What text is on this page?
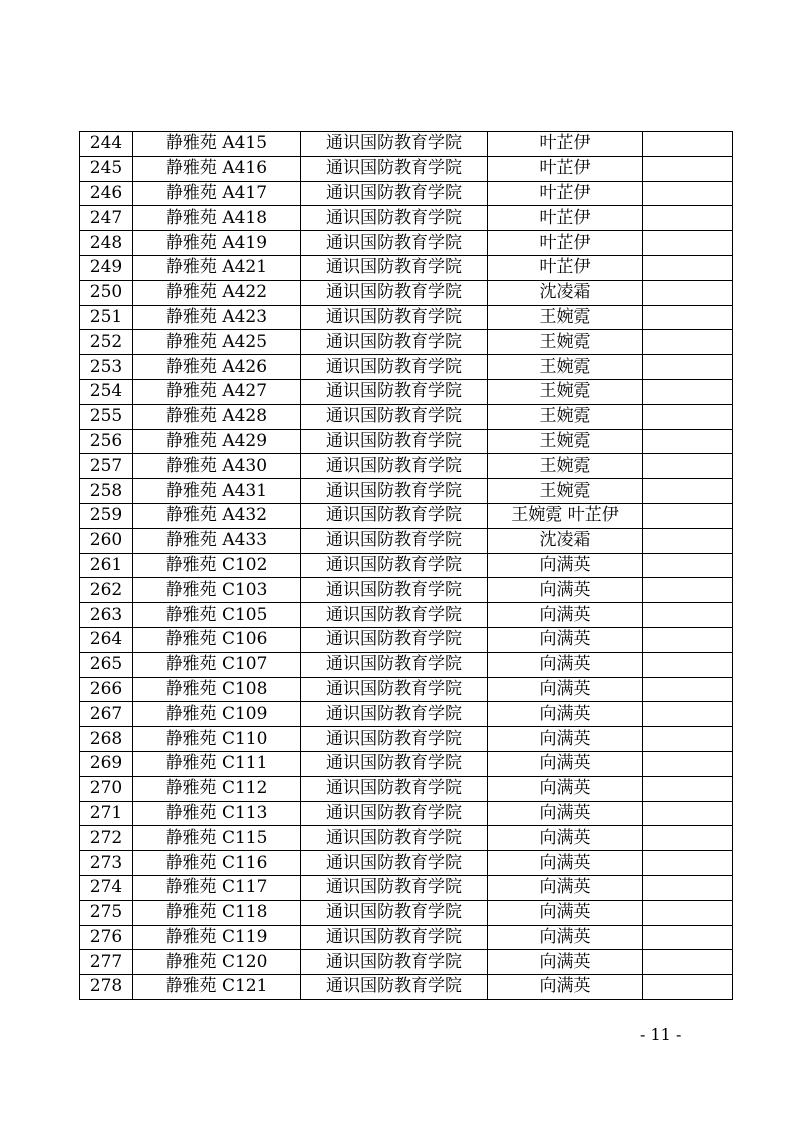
244	静雅苑 A415	通识国防教育学院	叶芷伊	
245	静雅苑 A416	通识国防教育学院	叶芷伊	
246	静雅苑 A417	通识国防教育学院	叶芷伊	
247	静雅苑 A418	通识国防教育学院	叶芷伊	
248	静雅苑 A419	通识国防教育学院	叶芷伊	
249	静雅苑 A421	通识国防教育学院	叶芷伊	
250	静雅苑 A422	通识国防教育学院	沈凌霜	
251	静雅苑 A423	通识国防教育学院	王婉霓	
252	静雅苑 A425	通识国防教育学院	王婉霓	
253	静雅苑 A426	通识国防教育学院	王婉霓	
254	静雅苑 A427	通识国防教育学院	王婉霓	
255	静雅苑 A428	通识国防教育学院	王婉霓	
256	静雅苑 A429	通识国防教育学院	王婉霓	
257	静雅苑 A430	通识国防教育学院	王婉霓	
258	静雅苑 A431	通识国防教育学院	王婉霓	
259	静雅苑 A432	通识国防教育学院	王婉霓 叶芷伊	
260	静雅苑 A433	通识国防教育学院	沈凌霜	
261	静雅苑 C102	通识国防教育学院	向满英	
262	静雅苑 C103	通识国防教育学院	向满英	
263	静雅苑 C105	通识国防教育学院	向满英	
264	静雅苑 C106	通识国防教育学院	向满英	
265	静雅苑 C107	通识国防教育学院	向满英	
266	静雅苑 C108	通识国防教育学院	向满英	
267	静雅苑 C109	通识国防教育学院	向满英	
268	静雅苑 C110	通识国防教育学院	向满英	
269	静雅苑 C111	通识国防教育学院	向满英	
270	静雅苑 C112	通识国防教育学院	向满英	
271	静雅苑 C113	通识国防教育学院	向满英	
272	静雅苑 C115	通识国防教育学院	向满英	
273	静雅苑 C116	通识国防教育学院	向满英	
274	静雅苑 C117	通识国防教育学院	向满英	
275	静雅苑 C118	通识国防教育学院	向满英	
276	静雅苑 C119	通识国防教育学院	向满英	
277	静雅苑 C120	通识国防教育学院	向满英	
278	静雅苑 C121	通识国防教育学院	向满英	
- 11 -
